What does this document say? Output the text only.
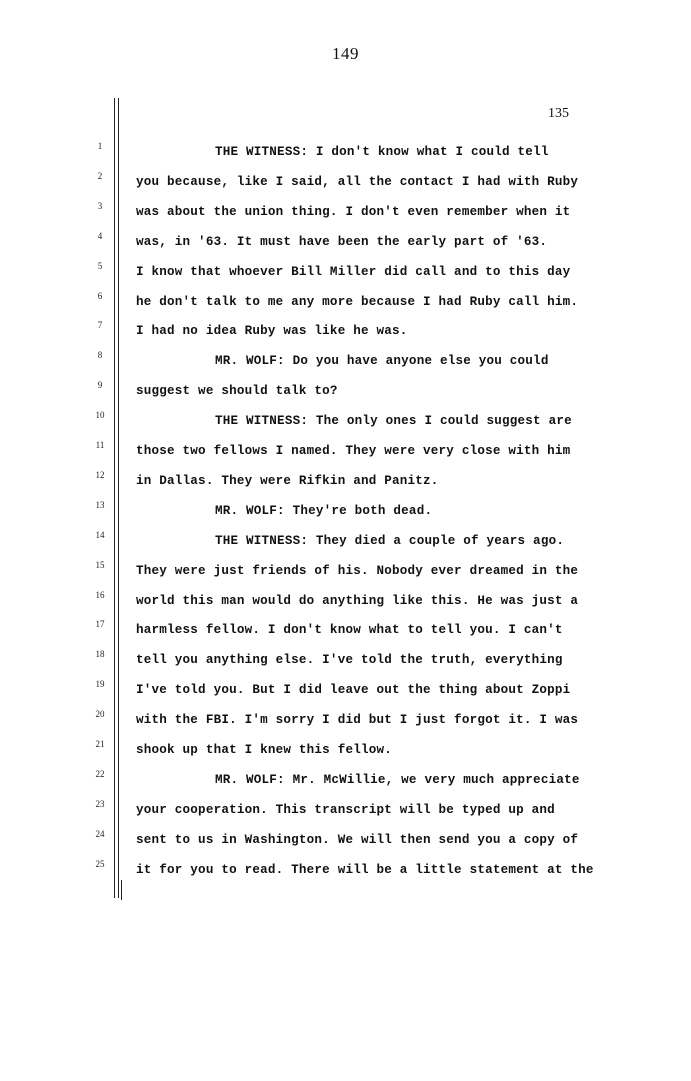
149
135
1	THE WITNESS: I don't know what I could tell
2	you because, like I said, all the contact I had with Ruby
3	was about the union thing. I don't even remember when it
4	was, in '63. It must have been the early part of '63.
5	I know that whoever Bill Miller did call and to this day
6	he don't talk to me any more because I had Ruby call him.
7	I had no idea Ruby was like he was.
8	MR. WOLF: Do you have anyone else you could
9	suggest we should talk to?
10	THE WITNESS: The only ones I could suggest are
11	those two fellows I named. They were very close with him
12	in Dallas. They were Rifkin and Panitz.
13	MR. WOLF: They're both dead.
14	THE WITNESS: They died a couple of years ago.
15	They were just friends of his. Nobody ever dreamed in the
16	world this man would do anything like this. He was just a
17	harmless fellow. I don't know what to tell you. I can't
18	tell you anything else. I've told the truth, everything
19	I've told you. But I did leave out the thing about Zoppi
20	with the FBI. I'm sorry I did but I just forgot it. I was
21	shook up that I knew this fellow.
22	MR. WOLF: Mr. McWillie, we very much appreciate
23	your cooperation. This transcript will be typed up and
24	sent to us in Washington. We will then send you a copy of
25	it for you to read. There will be a little statement at the
